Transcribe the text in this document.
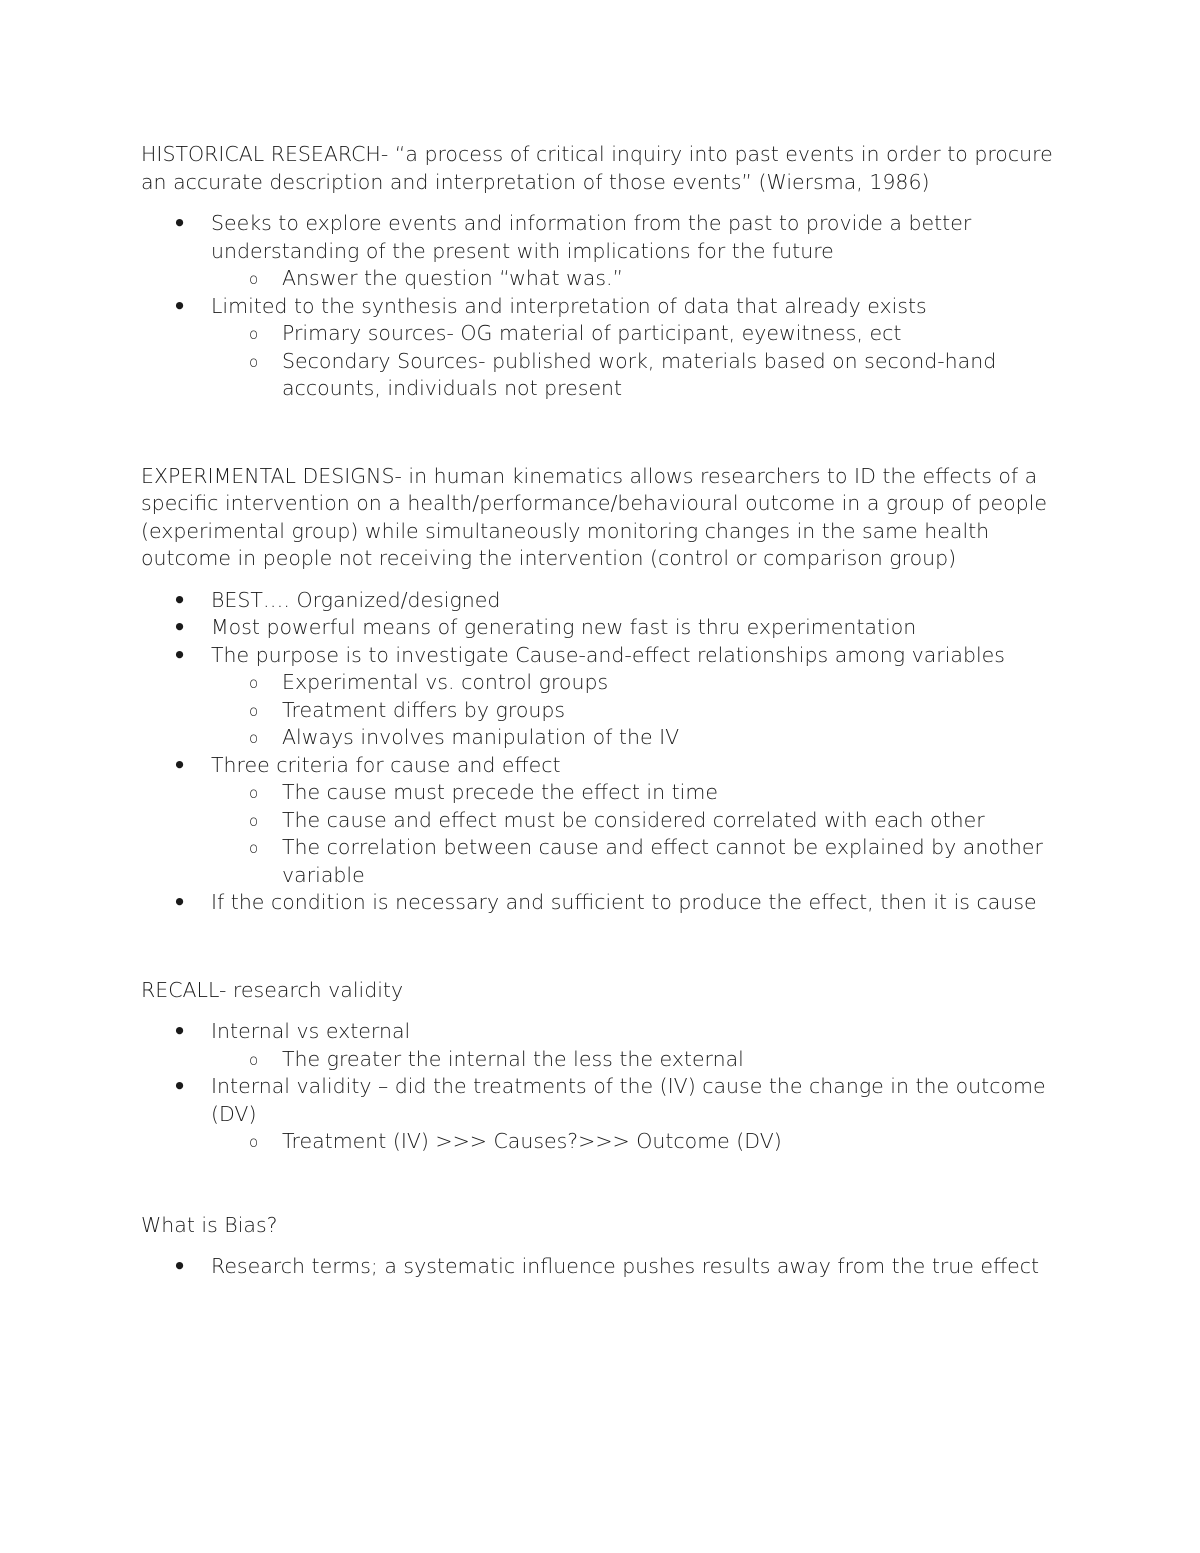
HISTORICAL RESEARCH- “a process of critical inquiry into past events in order to procure an accurate description and interpretation of those events” (Wiersma, 1986)

•
Seeks to explore events and information from the past to provide a better understanding of the present with implications for the future
o
Answer the question “what was.”
•
Limited to the synthesis and interpretation of data that already exists
o
Primary sources- OG material of participant, eyewitness, ect
o
Secondary Sources- published work, materials based on second-hand accounts, individuals not present

EXPERIMENTAL DESIGNS- in human kinematics allows researchers to ID the effects of a specific intervention on a health/performance/behavioural outcome in a group of people (experimental group) while simultaneously monitoring changes in the same health outcome in people not receiving the intervention (control or comparison group)

•
BEST…. Organized/designed
•
Most powerful means of generating new fast is thru experimentation
•
The purpose is to investigate Cause-and-effect relationships among variables
o
Experimental vs. control groups
o
Treatment differs by groups
o
Always involves manipulation of the IV
•
Three criteria for cause and effect
o
The cause must precede the effect in time
o
The cause and effect must be considered correlated with each other
o
The correlation between cause and effect cannot be explained by another variable
•
If the condition is necessary and sufficient to produce the effect, then it is cause

RECALL- research validity

•
Internal vs external
o
The greater the internal the less the external
•
Internal validity – did the treatments of the (IV) cause the change in the outcome (DV)
o
Treatment (IV) >>> Causes?>>> Outcome (DV)

What is Bias?

•
Research terms; a systematic influence pushes results away from the true effect
